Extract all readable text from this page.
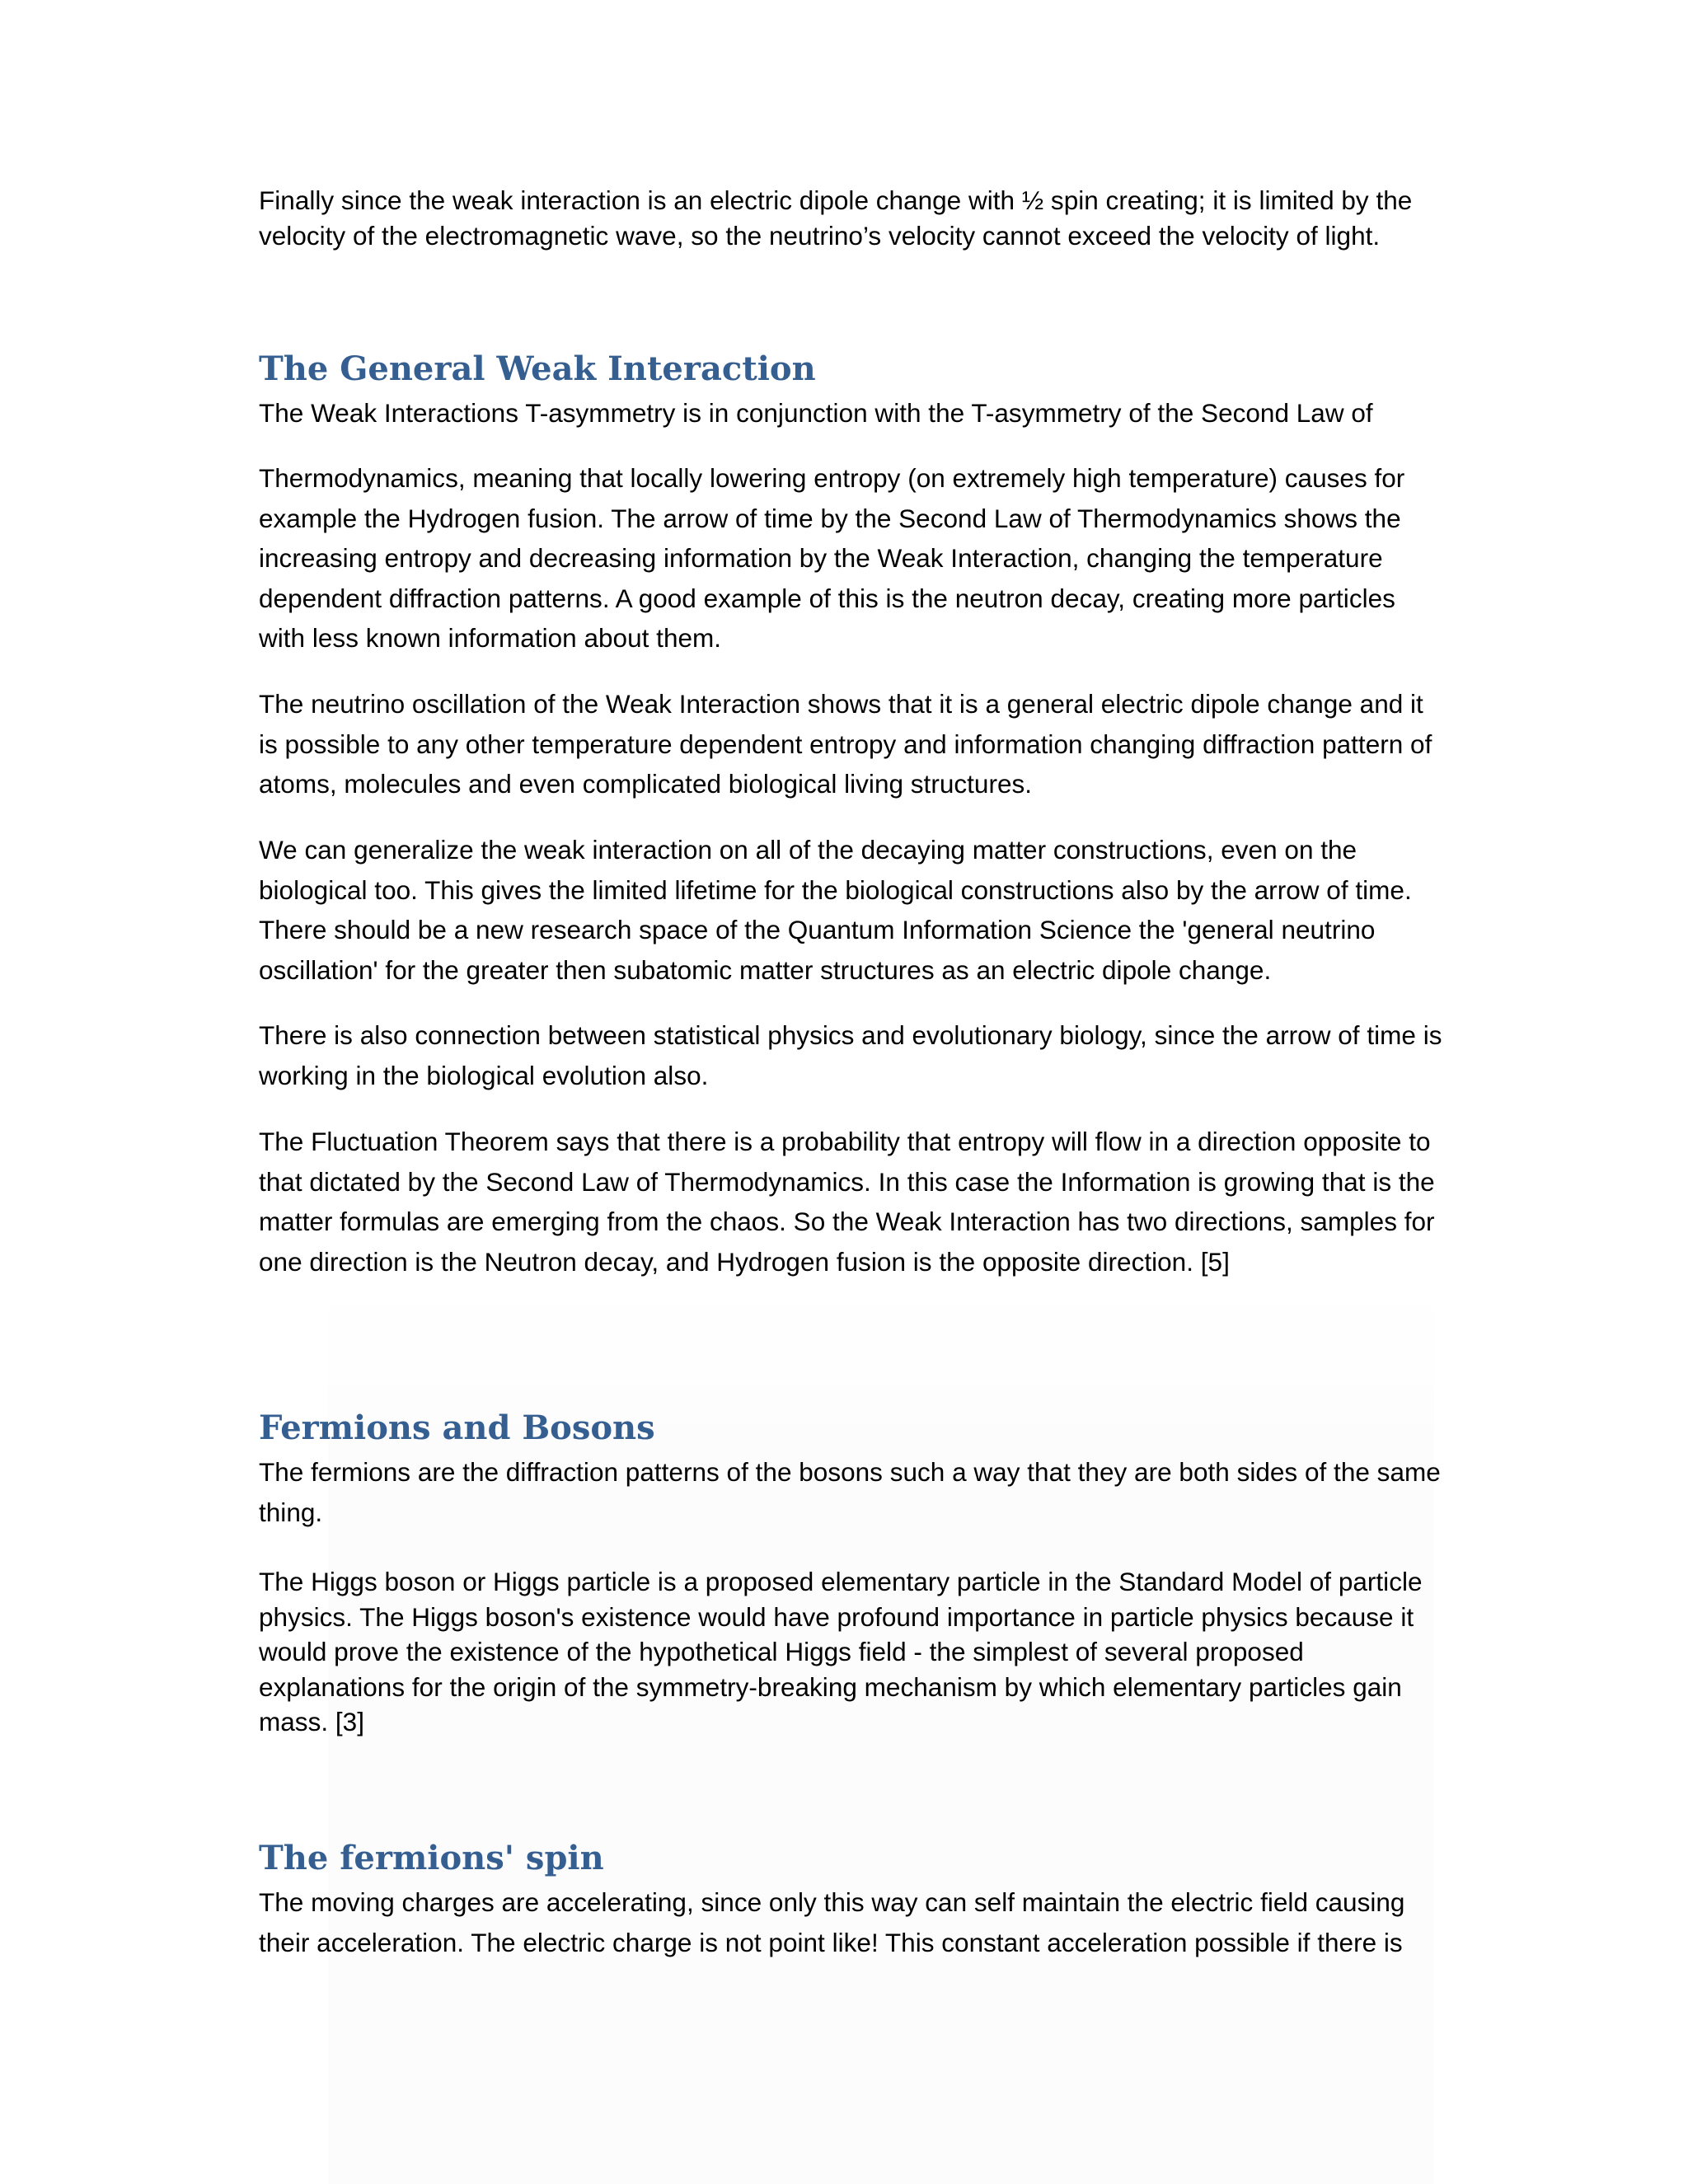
Finally since the weak interaction is an electric dipole change with ½ spin creating; it is limited by the velocity of the electromagnetic wave, so the neutrino’s velocity cannot exceed the velocity of light.

The General Weak Interaction

The Weak Interactions T-asymmetry is in conjunction with the T-asymmetry of the Second Law of

Thermodynamics, meaning that locally lowering entropy (on extremely high temperature) causes for example the Hydrogen fusion. The arrow of time by the Second Law of Thermodynamics shows the increasing entropy and decreasing information by the Weak Interaction, changing the temperature dependent diffraction patterns. A good example of this is the neutron decay, creating more particles with less known information about them.

The neutrino oscillation of the Weak Interaction shows that it is a general electric dipole change and it is possible to any other temperature dependent entropy and information changing diffraction pattern of atoms, molecules and even complicated biological living structures.

We can generalize the weak interaction on all of the decaying matter constructions, even on the biological too. This gives the limited lifetime for the biological constructions also by the arrow of time. There should be a new research space of the Quantum Information Science the 'general neutrino oscillation' for the greater then subatomic matter structures as an electric dipole change.

There is also connection between statistical physics and evolutionary biology, since the arrow of time is working in the biological evolution also.

The Fluctuation Theorem says that there is a probability that entropy will flow in a direction opposite to that dictated by the Second Law of Thermodynamics. In this case the Information is growing that is the matter formulas are emerging from the chaos. So the Weak Interaction has two directions, samples for one direction is the Neutron decay, and Hydrogen fusion is the opposite direction. [5]

Fermions and Bosons

The fermions are the diffraction patterns of the bosons such a way that they are both sides of the same thing.

The Higgs boson or Higgs particle is a proposed elementary particle in the Standard Model of particle physics. The Higgs boson's existence would have profound importance in particle physics because it would prove the existence of the hypothetical Higgs field - the simplest of several proposed explanations for the origin of the symmetry-breaking mechanism by which elementary particles gain mass. [3]

The fermions' spin

The moving charges are accelerating, since only this way can self maintain the electric field causing their acceleration. The electric charge is not point like! This constant acceleration possible if there is
